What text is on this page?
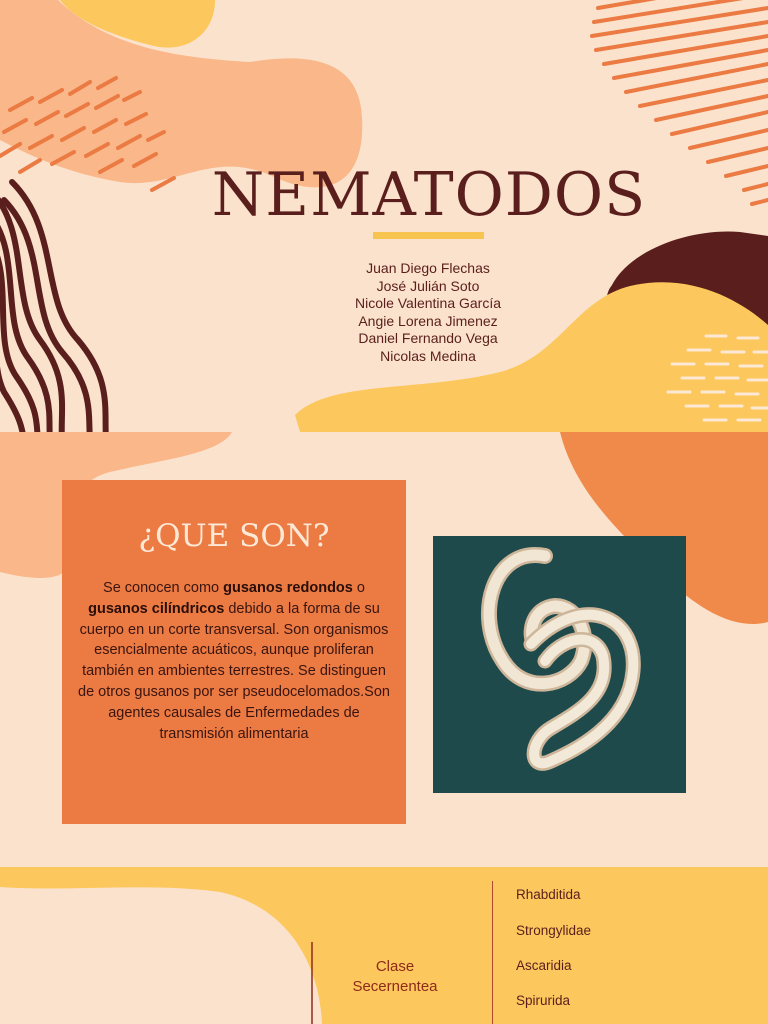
NEMATODOS
Juan Diego Flechas
José Julián Soto
Nicole Valentina García
Angie Lorena Jimenez
Daniel Fernando Vega
Nicolas Medina
¿QUE SON?

Se conocen como gusanos redondos o gusanos cilíndricos debido a la forma de su cuerpo en un corte transversal. Son organismos esencialmente acuáticos, aunque proliferan también en ambientes terrestres. Se distinguen de otros gusanos por ser pseudocelomados.Son agentes causales de Enfermedades de transmisión alimentaria

Clase
Secernentea
Rhabditida
Strongylidae
Ascaridia
Spirurida
